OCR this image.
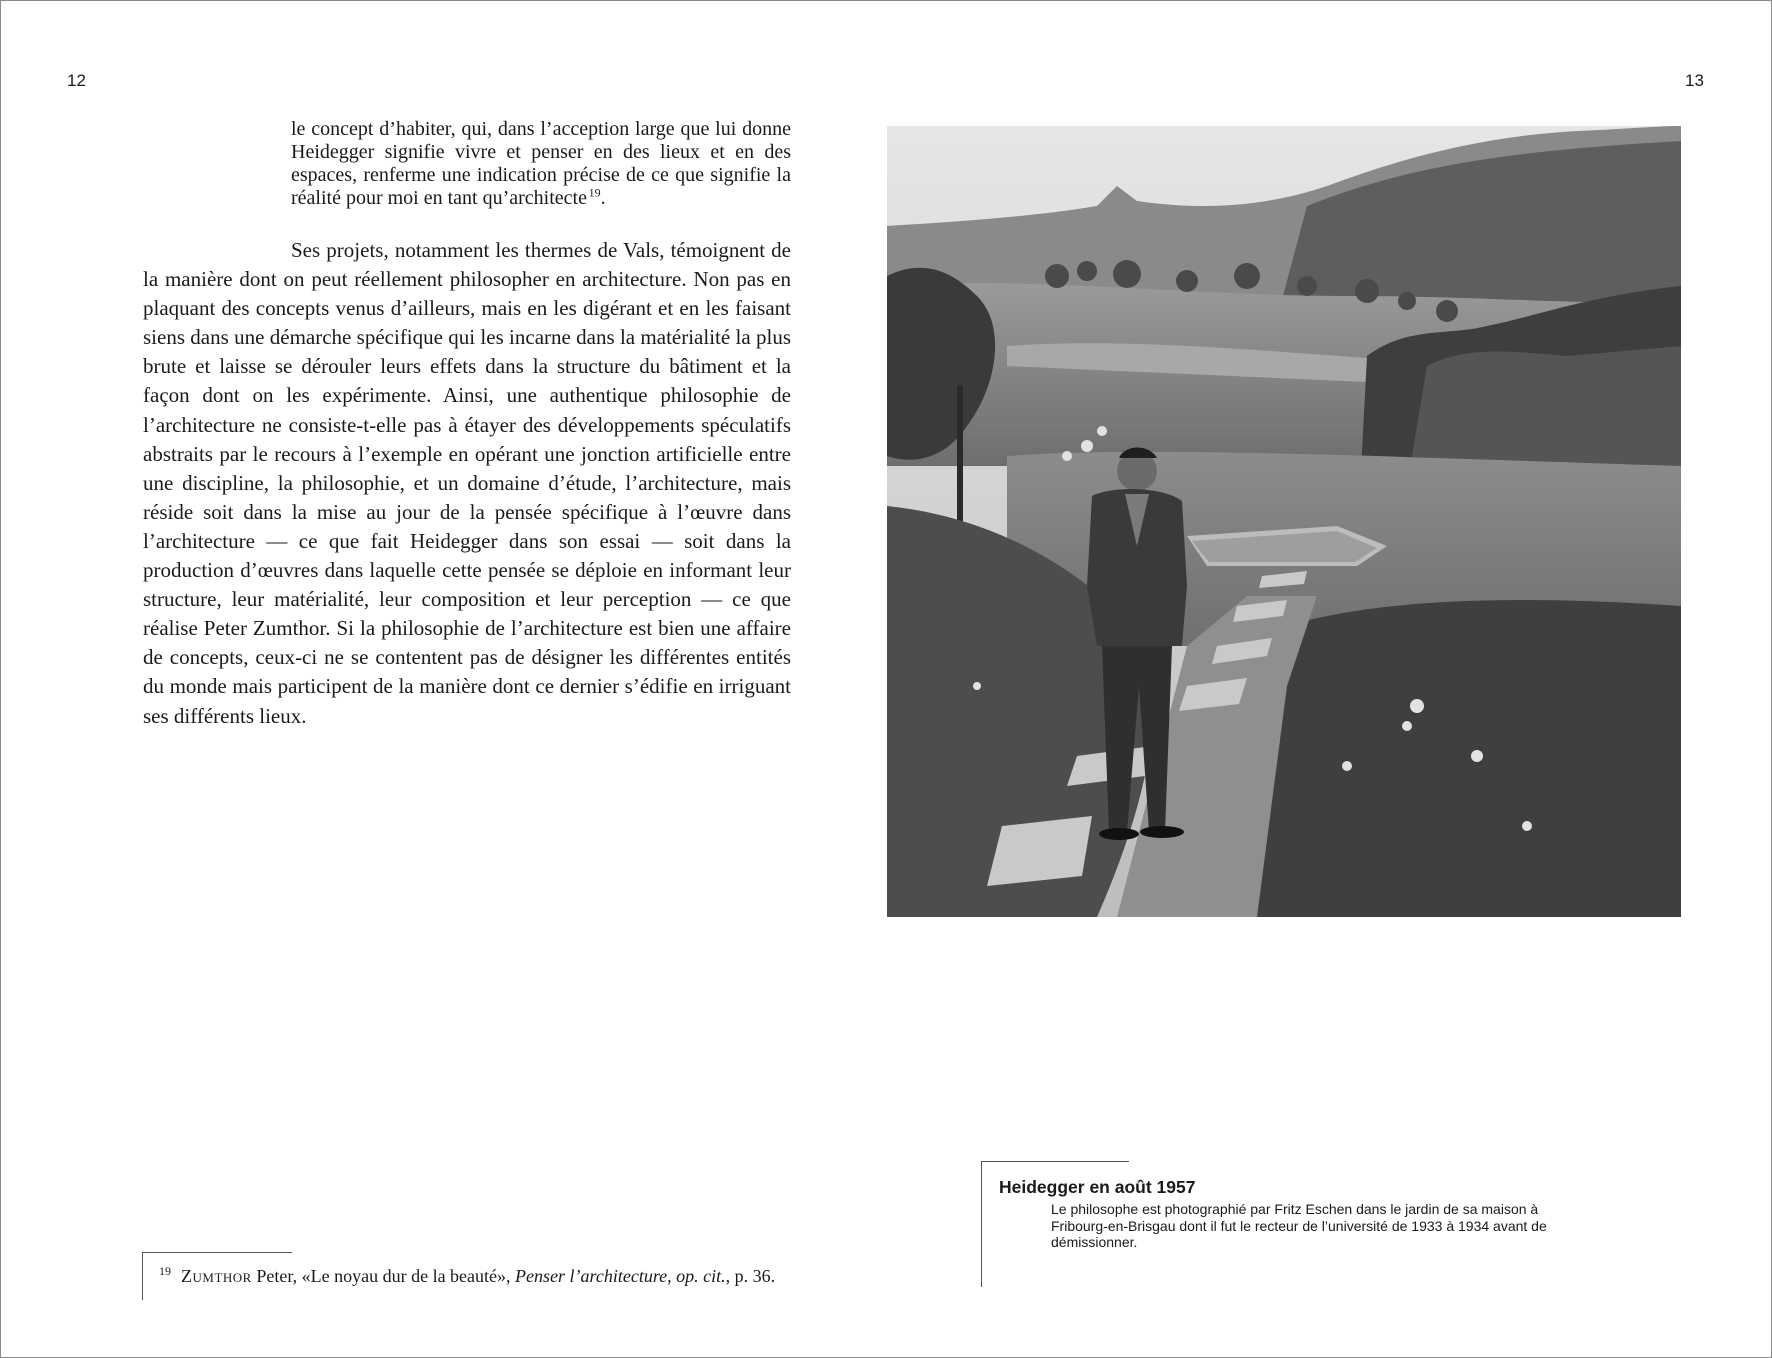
12	13
le concept d’habiter, qui, dans l’acception large que lui donne Heidegger signifie vivre et penser en des lieux et en des espaces, renferme une indication précise de ce que signifie la réalité pour moi en tant qu’architecte  $^{19}$.
Ses projets, notamment les thermes de Vals, témoignent de la manière dont on peut réellement philosopher en architecture. Non pas en plaquant des concepts venus d’ailleurs, mais en les digérant et en les faisant siens dans une démarche spécifique qui les incarne dans la matérialité la plus brute et laisse se dérouler leurs effets dans la structure du bâtiment et la façon dont on les expérimente. Ainsi, une authentique philosophie de l’architecture ne consiste-t-elle pas à étayer des développements spéculatifs abstraits par le recours à l’exemple en opérant une jonction artificielle entre une discipline, la philosophie, et un domaine d’étude, l’architecture, mais réside soit dans la mise au jour de la pensée spécifique à l’œuvre dans l’architecture — ce que fait Heidegger dans son essai — soit dans la production d’œuvres dans laquelle cette pensée se déploie en informant leur structure, leur matérialité, leur composition et leur perception — ce que réalise Peter Zumthor. Si la philosophie de l’architecture est bien une affaire de concepts, ceux-ci ne se contentent pas de désigner les différentes entités du monde mais participent de la manière dont ce dernier s’édifie en irriguant ses différents lieux.
$^{19}$ Zumthor Peter, «Le noyau dur de la beauté», Penser l’architecture, op. cit., p. 36.
Heidegger en août 1957
Le philosophe est photographié par Fritz Eschen dans le jardin de sa maison à Fribourg-en-Brisgau dont il fut le recteur de l’université de 1933 à 1934 avant de démissionner.
